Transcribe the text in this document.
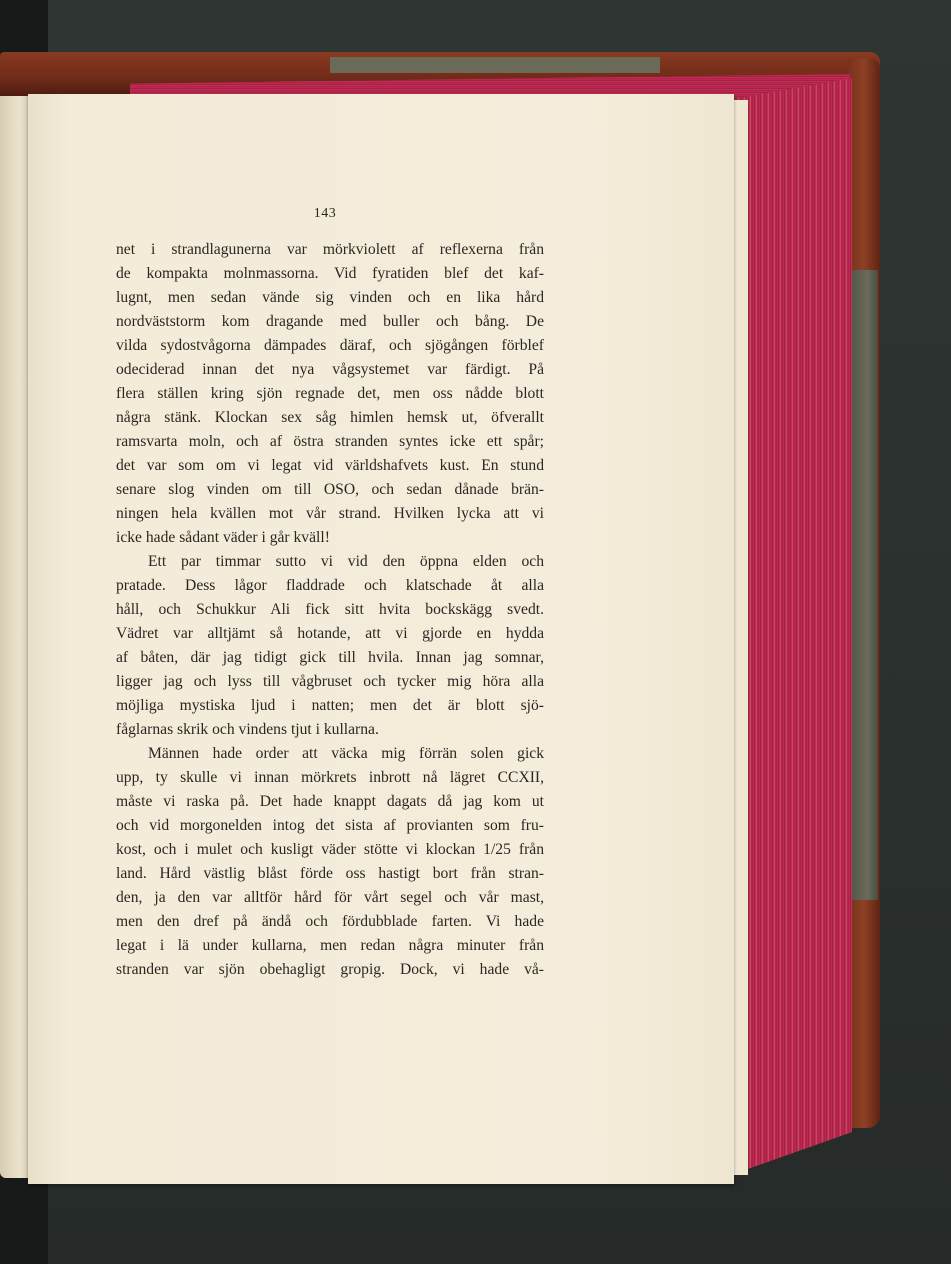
143
net i strandlagunerna var mörkviolett af reflexerna från
de kompakta molnmassorna. Vid fyratiden blef det kaf-
lugnt, men sedan vände sig vinden och en lika hård
nordväststorm kom dragande med buller och bång. De
vilda sydostvågorna dämpades däraf, och sjögången förblef
odeciderad innan det nya vågsystemet var färdigt. På
flera ställen kring sjön regnade det, men oss nådde blott
några stänk. Klockan sex såg himlen hemsk ut, öfverallt
ramsvarta moln, och af östra stranden syntes icke ett spår;
det var som om vi legat vid världshafvets kust. En stund
senare slog vinden om till OSO, och sedan dånade brän-
ningen hela kvällen mot vår strand. Hvilken lycka att vi
icke hade sådant väder i går kväll!
Ett par timmar sutto vi vid den öppna elden och
pratade. Dess lågor fladdrade och klatschade åt alla
håll, och Schukkur Ali fick sitt hvita bockskägg svedt.
Vädret var alltjämt så hotande, att vi gjorde en hydda
af båten, där jag tidigt gick till hvila. Innan jag somnar,
ligger jag och lyss till vågbruset och tycker mig höra alla
möjliga mystiska ljud i natten; men det är blott sjö-
fåglarnas skrik och vindens tjut i kullarna.
Männen hade order att väcka mig förrän solen gick
upp, ty skulle vi innan mörkrets inbrott nå lägret CCXII,
måste vi raska på. Det hade knappt dagats då jag kom ut
och vid morgonelden intog det sista af provianten som fru-
kost, och i mulet och kusligt väder stötte vi klockan 1/25 från
land. Hård västlig blåst förde oss hastigt bort från stran-
den, ja den var alltför hård för vårt segel och vår mast,
men den dref på ändå och fördubblade farten. Vi hade
legat i lä under kullarna, men redan några minuter från
stranden var sjön obehagligt gropig. Dock, vi hade vå-
